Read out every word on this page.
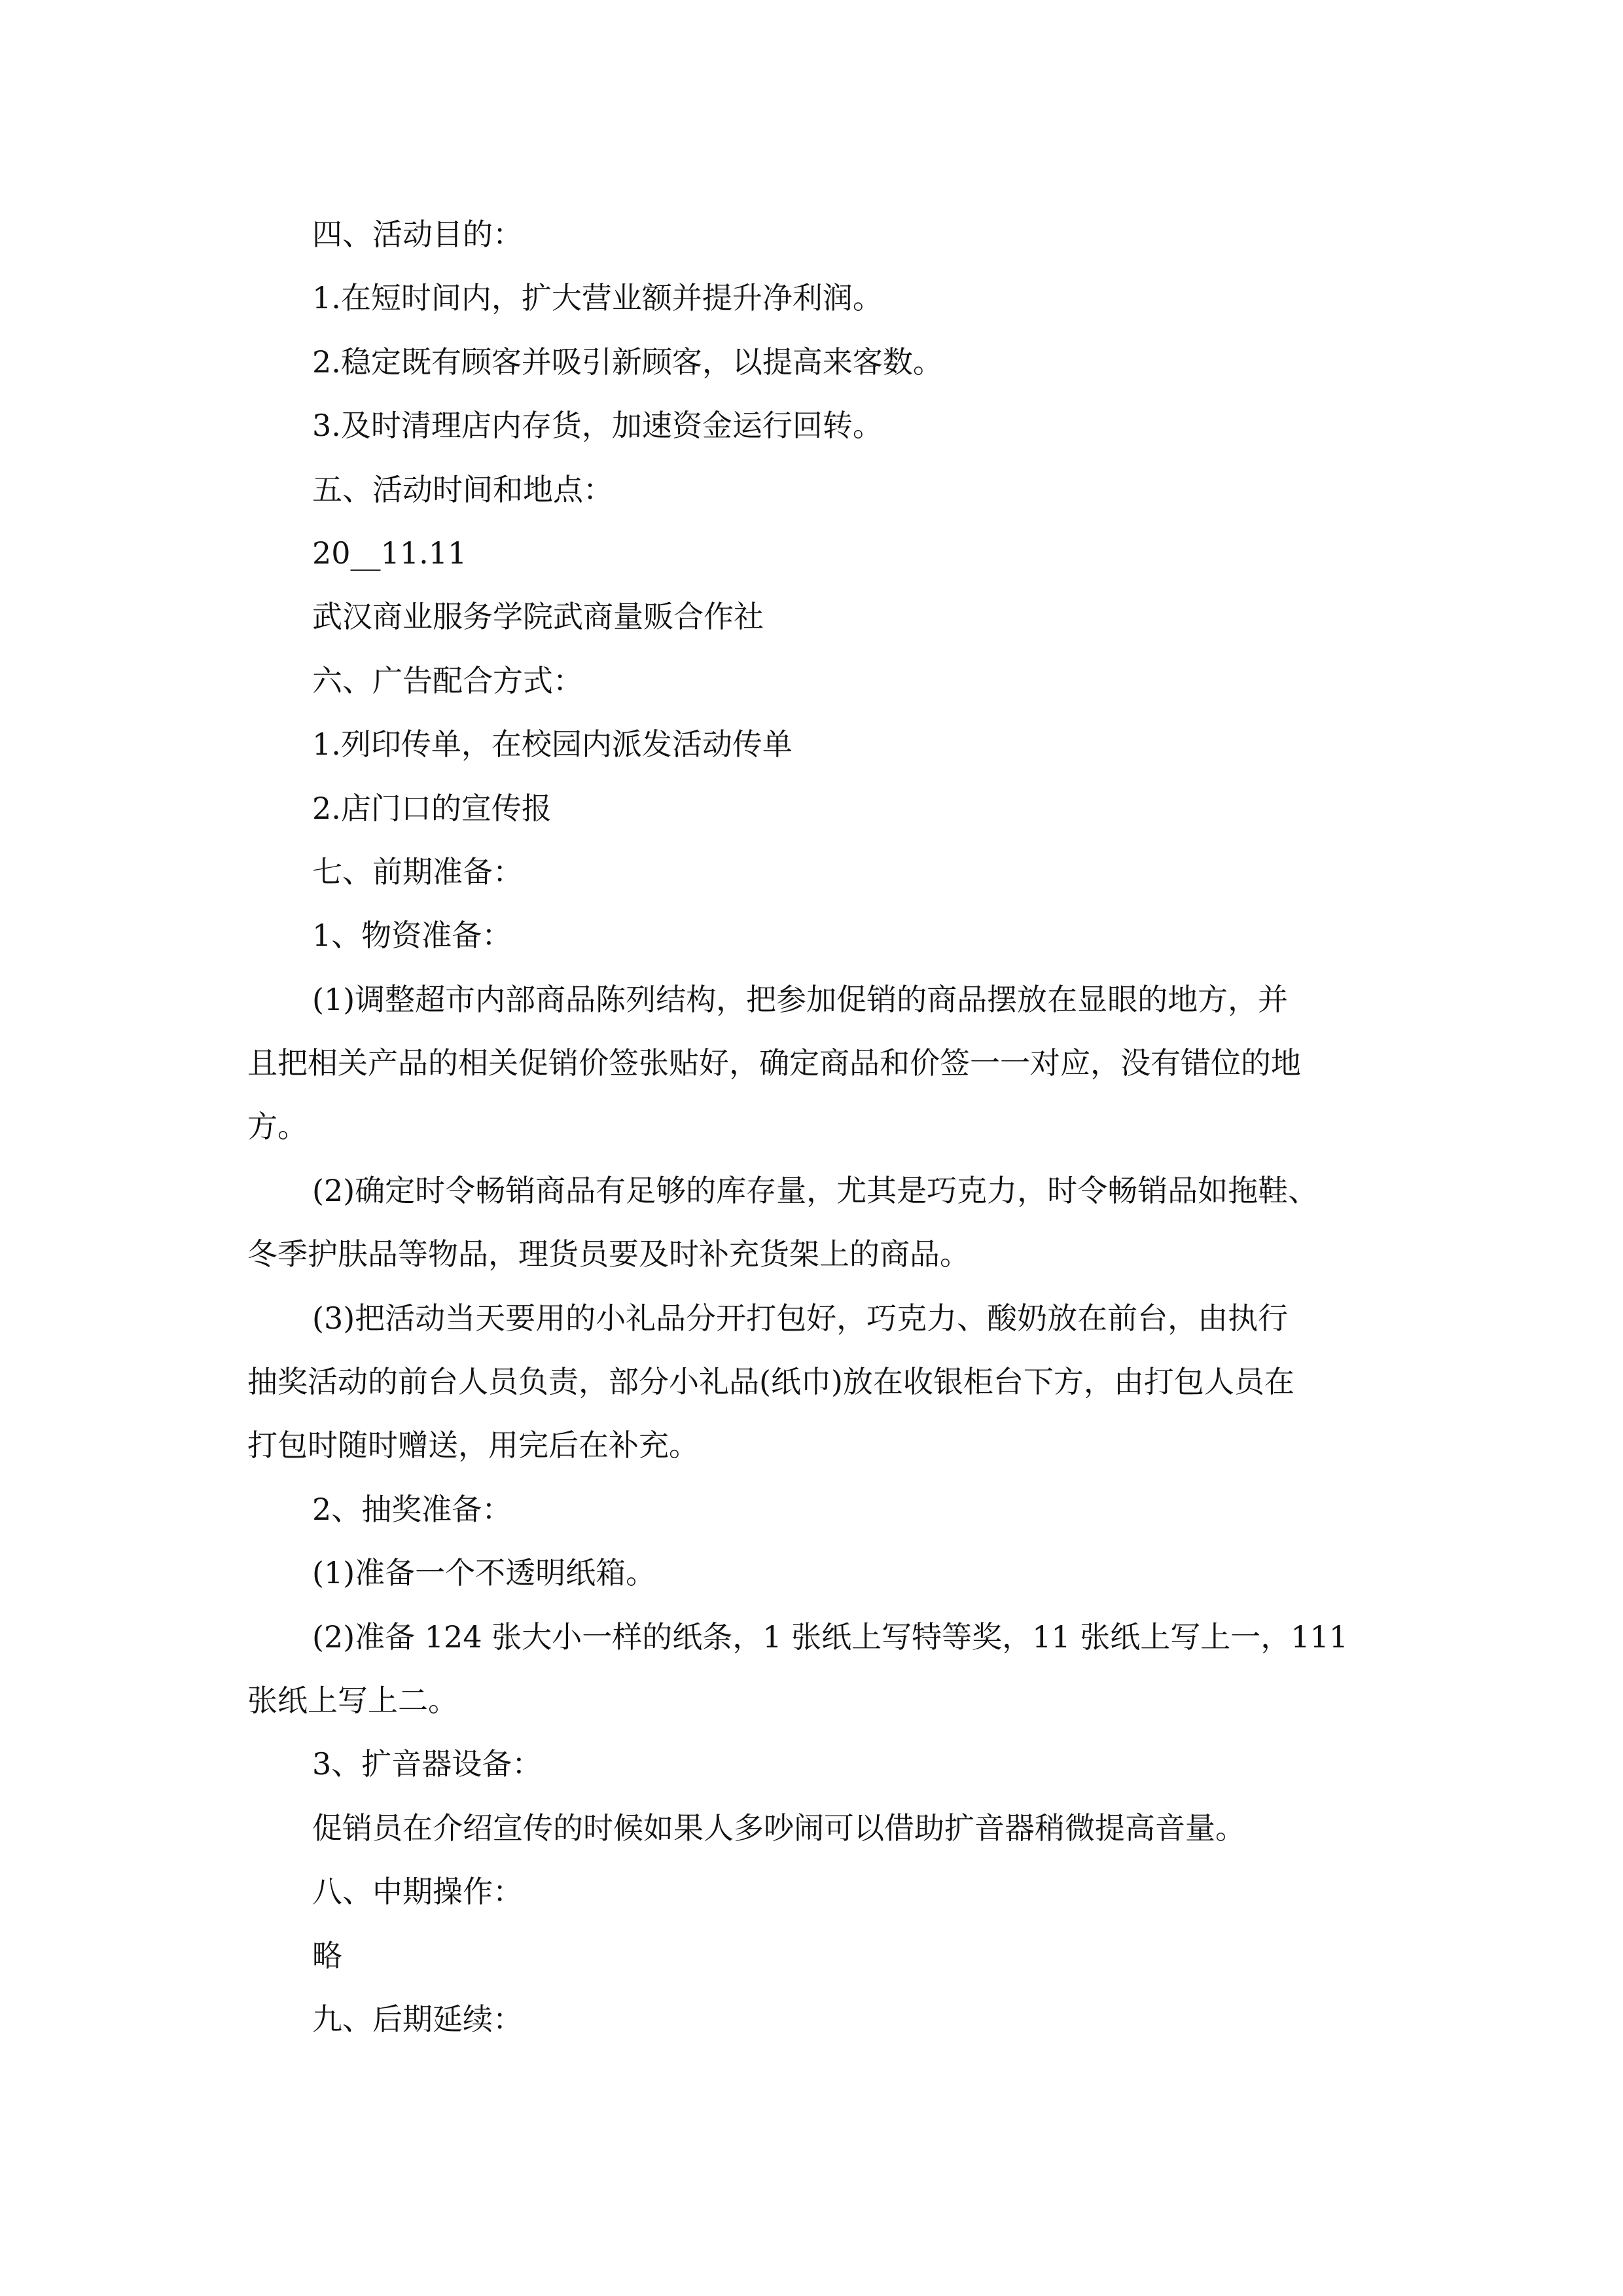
四、活动目的：

1.在短时间内，扩大营业额并提升净利润。

2.稳定既有顾客并吸引新顾客，以提高来客数。

3.及时清理店内存货，加速资金运行回转。

五、活动时间和地点：

20__11.11

武汉商业服务学院武商量贩合作社

六、广告配合方式：

1.列印传单，在校园内派发活动传单

2.店门口的宣传报

七、前期准备：

1、物资准备：

(1)调整超市内部商品陈列结构，把参加促销的商品摆放在显眼的地方，并

且把相关产品的相关促销价签张贴好，确定商品和价签一一对应，没有错位的地

方。

(2)确定时令畅销商品有足够的库存量，尤其是巧克力，时令畅销品如拖鞋、

冬季护肤品等物品，理货员要及时补充货架上的商品。

(3)把活动当天要用的小礼品分开打包好，巧克力、酸奶放在前台，由执行

抽奖活动的前台人员负责，部分小礼品(纸巾)放在收银柜台下方，由打包人员在

打包时随时赠送，用完后在补充。

2、抽奖准备：

(1)准备一个不透明纸箱。

(2)准备 124 张大小一样的纸条，1 张纸上写特等奖，11 张纸上写上一，111

张纸上写上二。

3、扩音器设备：

促销员在介绍宣传的时候如果人多吵闹可以借助扩音器稍微提高音量。

八、中期操作：

略

九、后期延续：
